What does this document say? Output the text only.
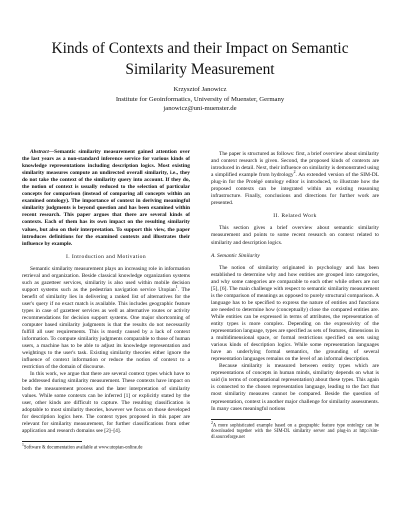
Kinds of Contexts and their Impact on Semantic
Similarity Measurement
Krzysztof Janowicz
Institute for Geoinformatics, University of Muenster, Germany
janowicz@uni-muenster.de

Abstract—Semantic similarity measurement gained attention over the last years as a non-standard inference service for various kinds of knowledge representations including description logics. Most existing similarity measures compute an undirected overall similarity, i.e., they do not take the context of the similarity query into account. If they do, the notion of context is usually reduced to the selection of particular concepts for comparison (instead of comparing all concepts within an examined ontology). The importance of context in deriving meaningful similarity judgments is beyond question and has been examined within recent research. This paper argues that there are several kinds of contexts. Each of them has its own impact on the resulting similarity values, but also on their interpretation. To support this view, the paper introduces definitions for the examined contexts and illustrates their influence by example.

I. Introduction and Motivation

Semantic similarity measurement plays an increasing role in information retrieval and organization. Beside classical knowledge organization systems such as gazetteer services, similarity is also used within mobile decision support systems such as the pedestrian navigation service Utopian$^1$. The benefit of similarity lies in delivering a ranked list of alternatives for the user's query if no exact match is available. This includes geographic feature types in case of gazetteer services as well as alternative routes or activity recommendations for decision support systems. One major shortcoming of computer based similarity judgments is that the results do not necessarily fulfill all user requirements. This is mostly caused by a lack of context information. To compute similarity judgments comparable to those of human users, a machine has to be able to adjust its knowledge representation and weightings to the user's task. Existing similarity theories either ignore the influence of context information or reduce the notion of context to a restriction of the domain of discourse.

In this work, we argue that there are several context types which have to be addressed during similarity measurement. These contexts have impact on both the measurement process and the later interpretation of similarity values. While some contexts can be inferred [1] or explicitly stated by the user, other kinds are difficult to capture. The resulting classification is adoptable to most similarity theories, however we focus on those developed for description logics here. The context types proposed in this paper are relevant for similarity measurement, for further classifications from other application and research domains see [2]–[4].

$^1$Software & documentation available at www.utopian-online.de

The paper is structured as follows: first, a brief overview about similarity and context research is given. Second, the proposed kinds of contexts are introduced in detail. Next, their influence on similarity is demonstrated using a simplified example from hydrology$^2$. An extended version of the SIM-DL plug-in for the Protégé ontology editor is introduced, to illustrate how the proposed contexts can be integrated within an existing reasoning infrastructure. Finally, conclusions and directions for further work are presented.

II. Related Work

This section gives a brief overview about semantic similarity measurement and points to some recent research on context related to similarity and description logics.

A. Semantic Similarity

The notion of similarity originated in psychology and has been established to determine why and how entities are grouped into categories, and why some categories are comparable to each other while others are not [5], [6]. The main challenge with respect to semantic similarity measurement is the comparison of meanings as opposed to purely structural comparison. A language has to be specified to express the nature of entities and functions are needed to determine how (conceptually) close the compared entities are. While entities can be expressed in terms of attributes, the representation of entity types is more complex. Depending on the expressivity of the representation language, types are specified as sets of features, dimensions in a multidimensional space, or formal restrictions specified on sets using various kinds of description logics. While some representation languages have an underlying formal semantics, the grounding of several representation languages remains on the level of an informal description.

Because similarity is measured between entity types which are representations of concepts in human minds, similarity depends on what is said (in terms of computational representation) about these types. This again is connected to the chosen representation language, leading to the fact that most similarity measures cannot be compared. Beside the question of representation, context is another major challenge for similarity assessments. In many cases meaningful notions

$^2$A more sophisticated example based on a geographic feature type ontology can be downloaded together with the SIM-DL similarity server and plug-in at http://sim-dl.sourceforge.net
